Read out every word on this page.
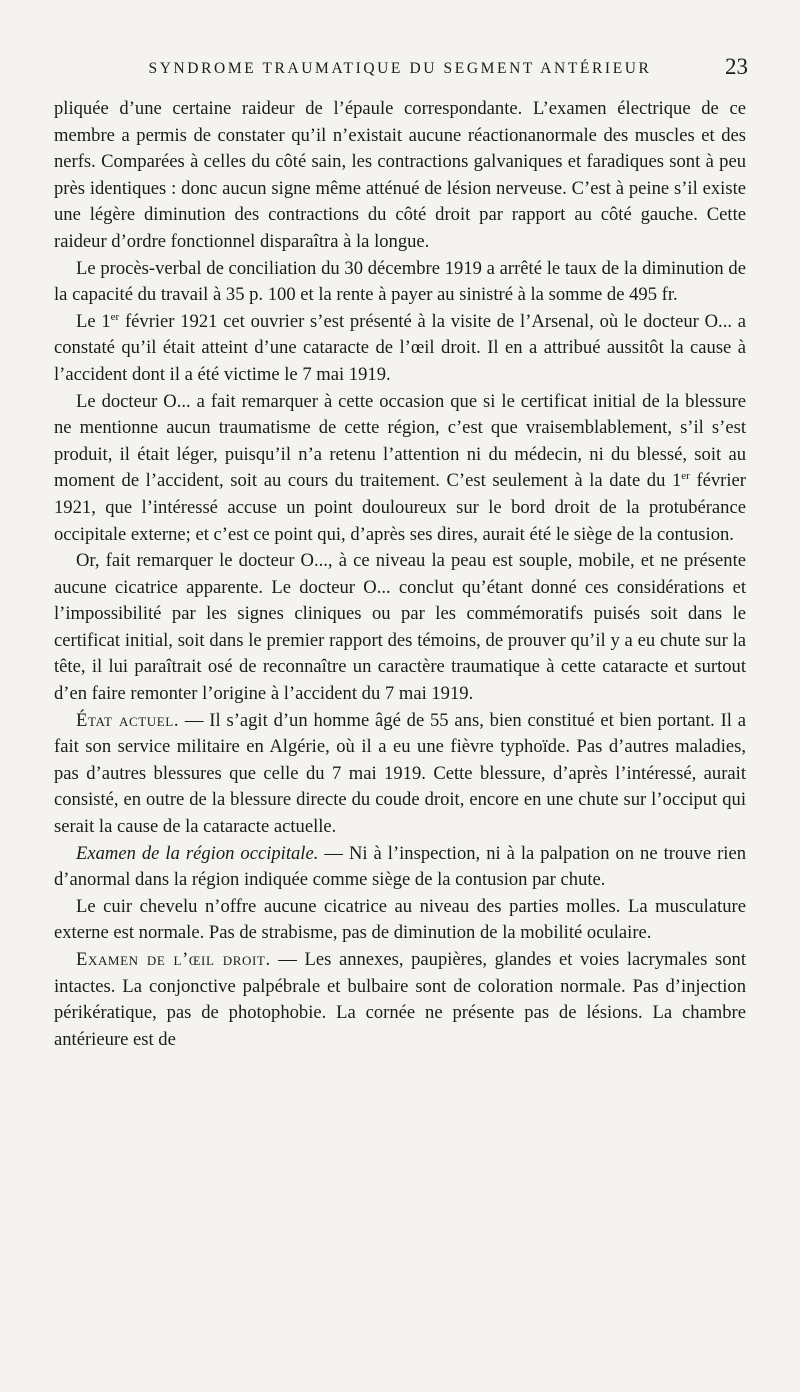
SYNDROME TRAUMATIQUE DU SEGMENT ANTÉRIEUR	23

pliquée d’une certaine raideur de l’épaule correspondante. L’examen électrique de ce membre a permis de constater qu’il n’existait aucune réactionanormale des muscles et des nerfs. Comparées à celles du côté sain, les contractions galvaniques et faradiques sont à peu près identiques : donc aucun signe même atténué de lésion nerveuse. C’est à peine s’il existe une légère diminution des contractions du côté droit par rapport au côté gauche. Cette raideur d’ordre fonctionnel disparaîtra à la longue.

Le procès-verbal de conciliation du 30 décembre 1919 a arrêté le taux de la diminution de la capacité du travail à 35 p. 100 et la rente à payer au sinistré à la somme de 495 fr.

Le 1er février 1921 cet ouvrier s’est présenté à la visite de l’Arsenal, où le docteur O... a constaté qu’il était atteint d’une cataracte de l’œil droit. Il en a attribué aussitôt la cause à l’accident dont il a été victime le 7 mai 1919.

Le docteur O... a fait remarquer à cette occasion que si le certificat initial de la blessure ne mentionne aucun traumatisme de cette région, c’est que vraisemblablement, s’il s’est produit, il était léger, puisqu’il n’a retenu l’attention ni du médecin, ni du blessé, soit au moment de l’accident, soit au cours du traitement. C’est seulement à la date du 1er février 1921, que l’intéressé accuse un point douloureux sur le bord droit de la protubérance occipitale externe; et c’est ce point qui, d’après ses dires, aurait été le siège de la contusion.

Or, fait remarquer le docteur O..., à ce niveau la peau est souple, mobile, et ne présente aucune cicatrice apparente. Le docteur O... conclut qu’étant donné ces considérations et l’impossibilité par les signes cliniques ou par les commémoratifs puisés soit dans le certificat initial, soit dans le premier rapport des témoins, de prouver qu’il y a eu chute sur la tête, il lui paraîtrait osé de reconnaître un caractère traumatique à cette cataracte et surtout d’en faire remonter l’origine à l’accident du 7 mai 1919.

État actuel. — Il s’agit d’un homme âgé de 55 ans, bien constitué et bien portant. Il a fait son service militaire en Algérie, où il a eu une fièvre typhoïde. Pas d’autres maladies, pas d’autres blessures que celle du 7 mai 1919. Cette blessure, d’après l’intéressé, aurait consisté, en outre de la blessure directe du coude droit, encore en une chute sur l’occiput qui serait la cause de la cataracte actuelle.

Examen de la région occipitale. — Ni à l’inspection, ni à la palpation on ne trouve rien d’anormal dans la région indiquée comme siège de la contusion par chute.

Le cuir chevelu n’offre aucune cicatrice au niveau des parties molles. La musculature externe est normale. Pas de strabisme, pas de diminution de la mobilité oculaire.

Examen de l’œil droit. — Les annexes, paupières, glandes et voies lacrymales sont intactes. La conjonctive palpébrale et bulbaire sont de coloration normale. Pas d’injection périkératique, pas de photophobie. La cornée ne présente pas de lésions. La chambre antérieure est de
